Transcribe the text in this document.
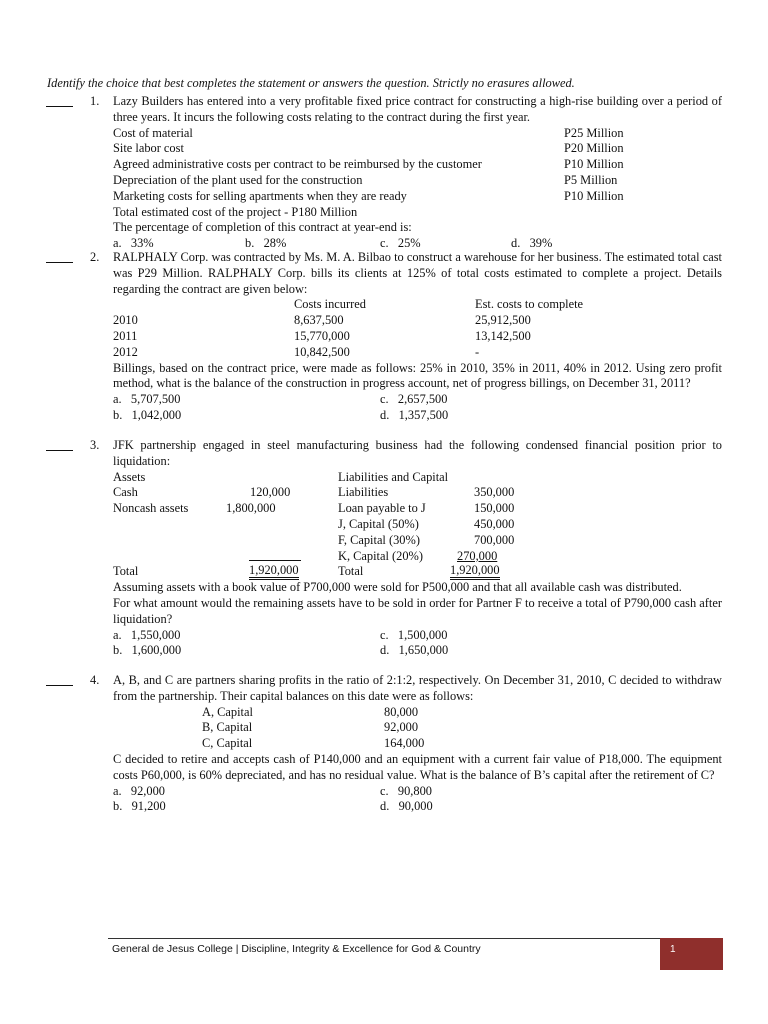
Identify the choice that best completes the statement or answers the question. Strictly no erasures allowed.
1. Lazy Builders has entered into a very profitable fixed price contract for constructing a high-rise building over a period of three years. It incurs the following costs relating to the contract during the first year.
Cost of material	P25 Million
Site labor cost	P20 Million
Agreed administrative costs per contract to be reimbursed by the customer	P10 Million
Depreciation of the plant used for the construction	P5 Million
Marketing costs for selling apartments when they are ready	P10 Million
Total estimated cost of the project - P180 Million
The percentage of completion of this contract at year-end is:
a.   33%	b.   28%	c.   25%	d.   39%
2. RALPHALY Corp. was contracted by Ms. M. A. Bilbao to construct a warehouse for her business. The estimated total cast was P29 Million. RALPHALY Corp. bills its clients at 125% of total costs estimated to complete a project. Details regarding the contract are given below:
Costs incurred	Est. costs to complete
2010	8,637,500	25,912,500
2011	15,770,000	13,142,500
2012	10,842,500	-
Billings, based on the contract price, were made as follows: 25% in 2010, 35% in 2011, 40% in 2012. Using zero profit method, what is the balance of the construction in progress account, net of progress billings, on December 31, 2011?
a.   5,707,500	c.   2,657,500
b.   1,042,000	d.   1,357,500
3. JFK partnership engaged in steel manufacturing business had the following condensed financial position prior to liquidation:
Assets	Liabilities and Capital
Cash	120,000	Liabilities	350,000
Noncash assets	1,800,000	Loan payable to J	150,000
J, Capital (50%)	450,000
F, Capital (30%)	700,000
K, Capital (20%)	270,000
Total	1,920,000	Total	1,920,000
Assuming assets with a book value of P700,000 were sold for P500,000 and that all available cash was distributed.
For what amount would the remaining assets have to be sold in order for Partner F to receive a total of P790,000 cash after liquidation?
a.   1,550,000	c.   1,500,000
b.   1,600,000	d.   1,650,000
4. A, B, and C are partners sharing profits in the ratio of 2:1:2, respectively. On December 31, 2010, C decided to withdraw from the partnership. Their capital balances on this date were as follows:
A, Capital	80,000
B, Capital	92,000
C, Capital	164,000
C decided to retire and accepts cash of P140,000 and an equipment with a current fair value of P18,000. The equipment costs P60,000, is 60% depreciated, and has no residual value. What is the balance of B’s capital after the retirement of C?
a.   92,000	c.   90,800
b.   91,200	d.   90,000
General de Jesus College | Discipline, Integrity & Excellence for God & Country	1
